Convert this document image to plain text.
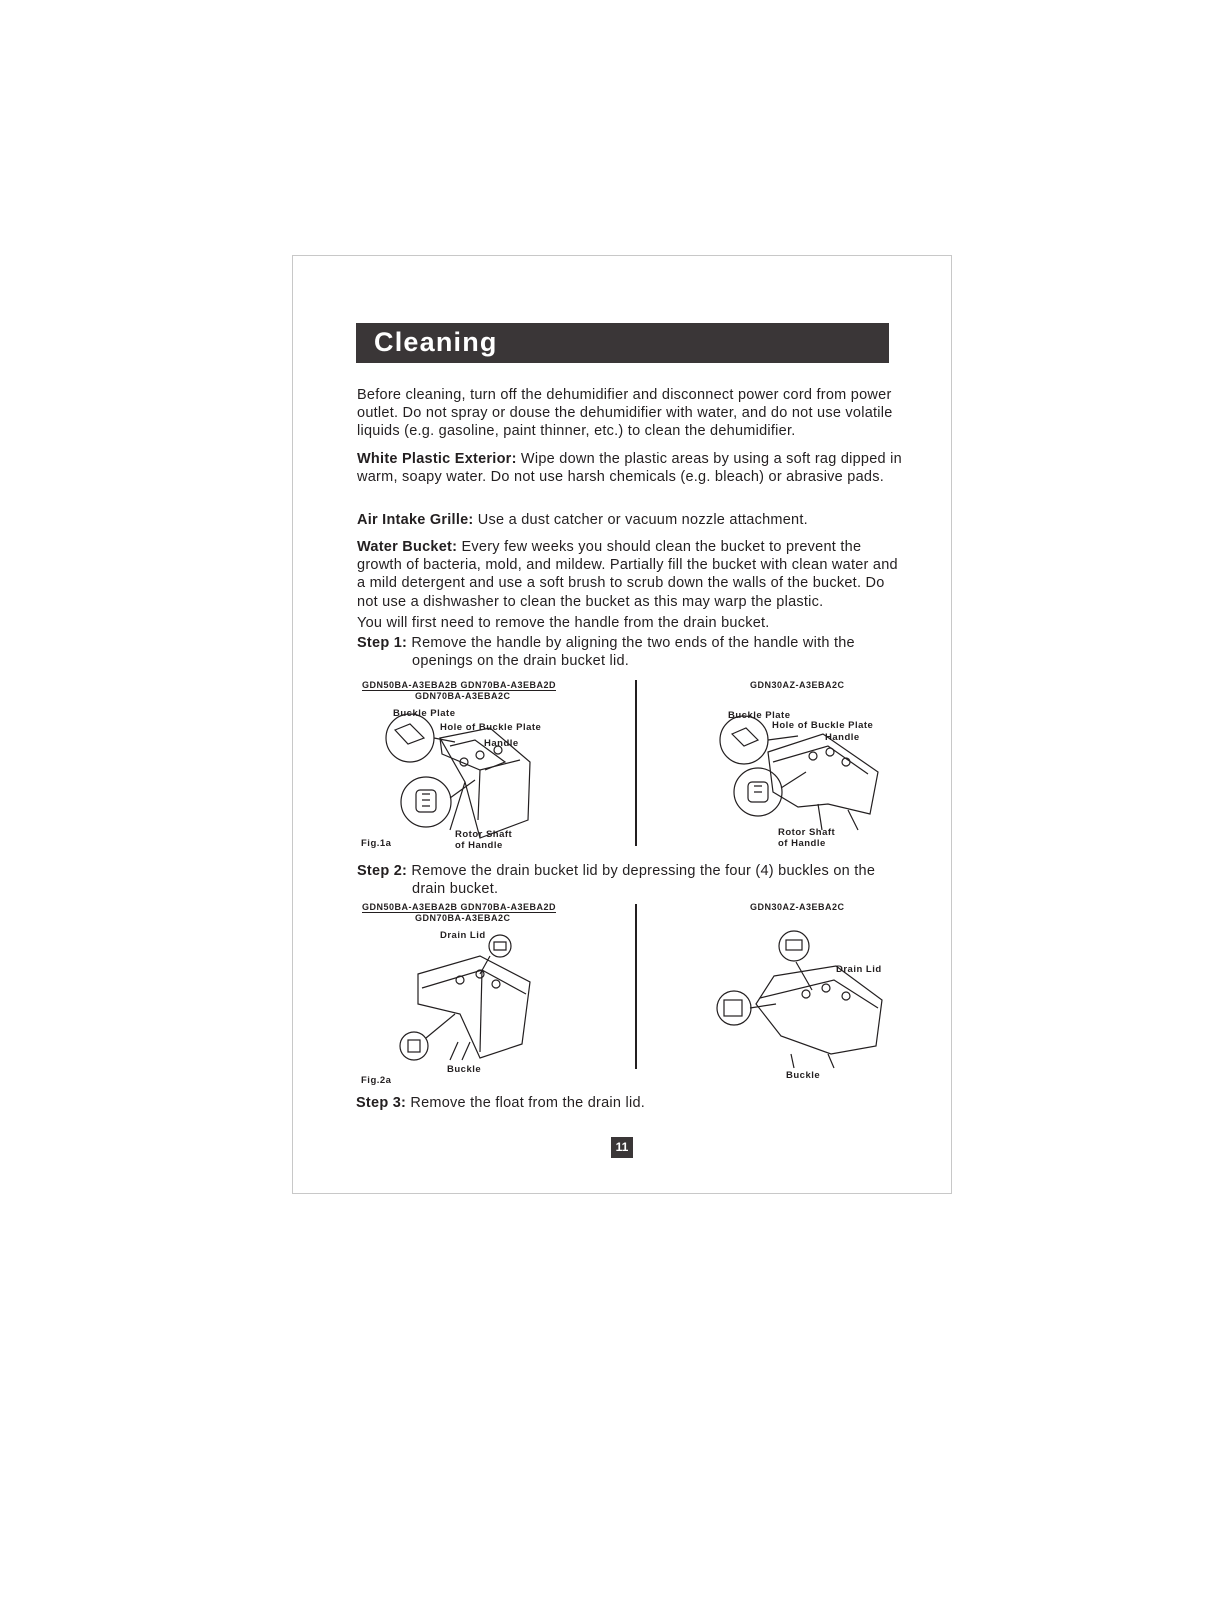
Cleaning
Before cleaning, turn off the dehumidifier and disconnect power cord from power outlet. Do not spray or douse the dehumidifier with water, and do not use volatile liquids (e.g. gasoline, paint thinner, etc.) to clean the dehumidifier.
White Plastic Exterior: Wipe down the plastic areas by using a soft rag dipped in warm, soapy water. Do not use harsh chemicals (e.g. bleach) or abrasive pads.
Air Intake Grille: Use a dust catcher or vacuum nozzle attachment.
Water Bucket: Every few weeks you should clean the bucket to prevent the growth of bacteria, mold, and mildew. Partially fill the bucket with clean water and a mild detergent and use a soft brush to scrub down the walls of the bucket. Do not use a dishwasher to clean the bucket as this may warp the plastic.
You will first need to remove the handle from the drain bucket.
Step 1: Remove the handle by aligning the two ends of the handle with the
openings on the drain bucket lid.
GDN50BA-A3EBA2B GDN70BA-A3EBA2D
GDN70BA-A3EBA2C
GDN30AZ-A3EBA2C
Buckle Plate
Hole of Buckle Plate
Handle
Rotor Shaft
of Handle
Fig.1a
Buckle Plate
Hole of Buckle Plate
Handle
Rotor Shaft
of Handle
Step 2: Remove the drain bucket lid by depressing the four (4) buckles on the
drain bucket.
GDN50BA-A3EBA2B GDN70BA-A3EBA2D
GDN70BA-A3EBA2C
GDN30AZ-A3EBA2C
Drain Lid
Buckle
Fig.2a
Drain Lid
Buckle
Step 3: Remove the float from the drain lid.
11
